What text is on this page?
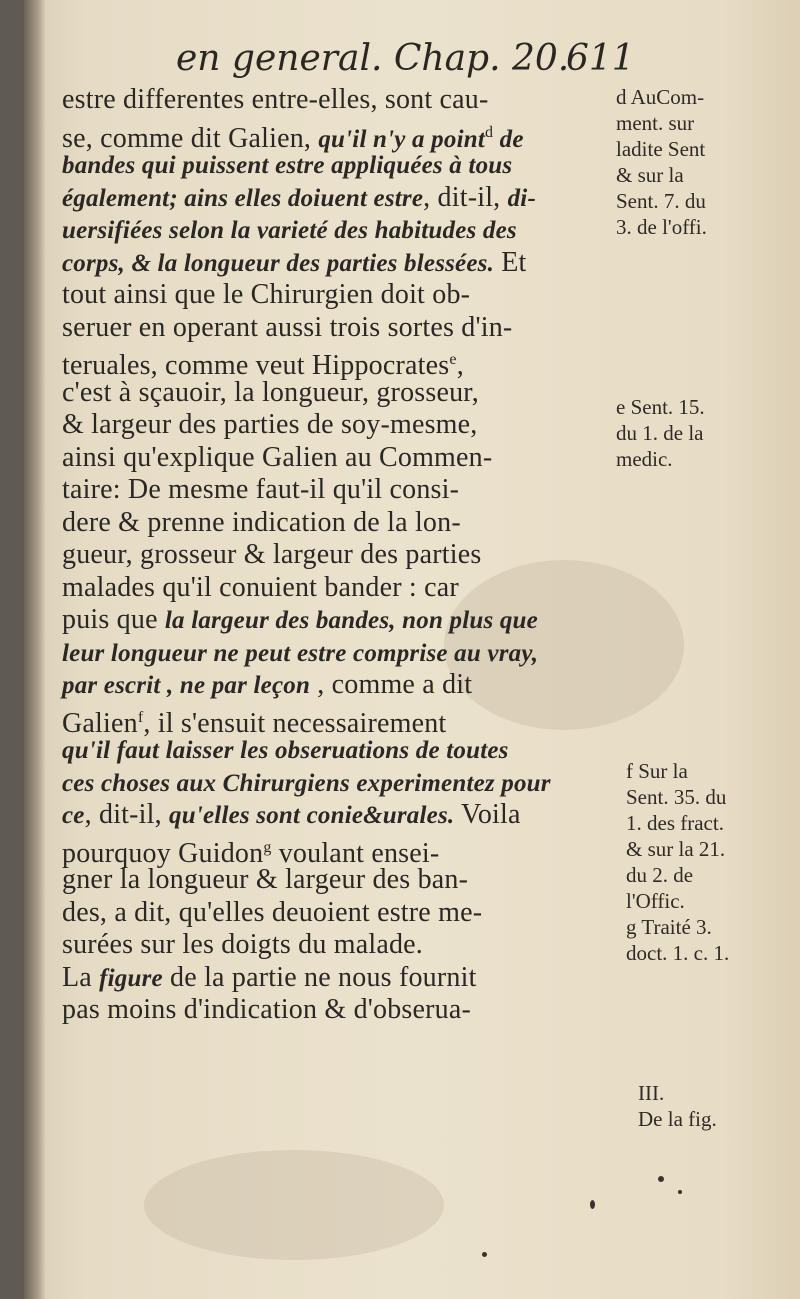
en general. Chap. 20.
611
estre differentes entre-elles, sont cau-
se, comme dit Galien, qu'il n'y a point$^d$ de
bandes qui puissent estre appliquées à tous
également; ains elles doiuent estre, dit-il, di-
uersifiées selon la varieté des habitudes des
corps, & la longueur des parties blessées. Et
tout ainsi que le Chirurgien doit ob-
seruer en operant aussi trois sortes d'in-
teruales, comme veut Hippocrates$^e$,
c'est à sçauoir, la longueur, grosseur,
& largeur des parties de soy-mesme,
ainsi qu'explique Galien au Commen-
taire: De mesme faut-il qu'il consi-
dere & prenne indication de la lon-
gueur, grosseur & largeur des parties
malades qu'il conuient bander : car
puis que la largeur des bandes, non plus que
leur longueur ne peut estre comprise au vray,
par escrit , ne par leçon , comme a dit
Galien$^f$, il s'ensuit necessairement
qu'il faut laisser les obseruations de toutes
ces choses aux Chirurgiens experimentez pour
ce, dit-il, qu'elles sont conie&urales. Voila
pourquoy Guidon$^g$ voulant ensei-
gner la longueur & largeur des ban-
des, a dit, qu'elles deuoient estre me-
surées sur les doigts du malade.
La figure de la partie ne nous fournit
pas moins d'indication & d'obserua-
d AuCom-
ment. sur
ladite Sent
& sur la
Sent. 7. du
3. de l'offi.
e Sent. 15.
du 1. de la
medic.
f Sur la
Sent. 35. du
1. des fract.
& sur la 21.
du 2. de
l'Offic.
g Traité 3.
doct. 1. c. 1.
III.
De la fig.
